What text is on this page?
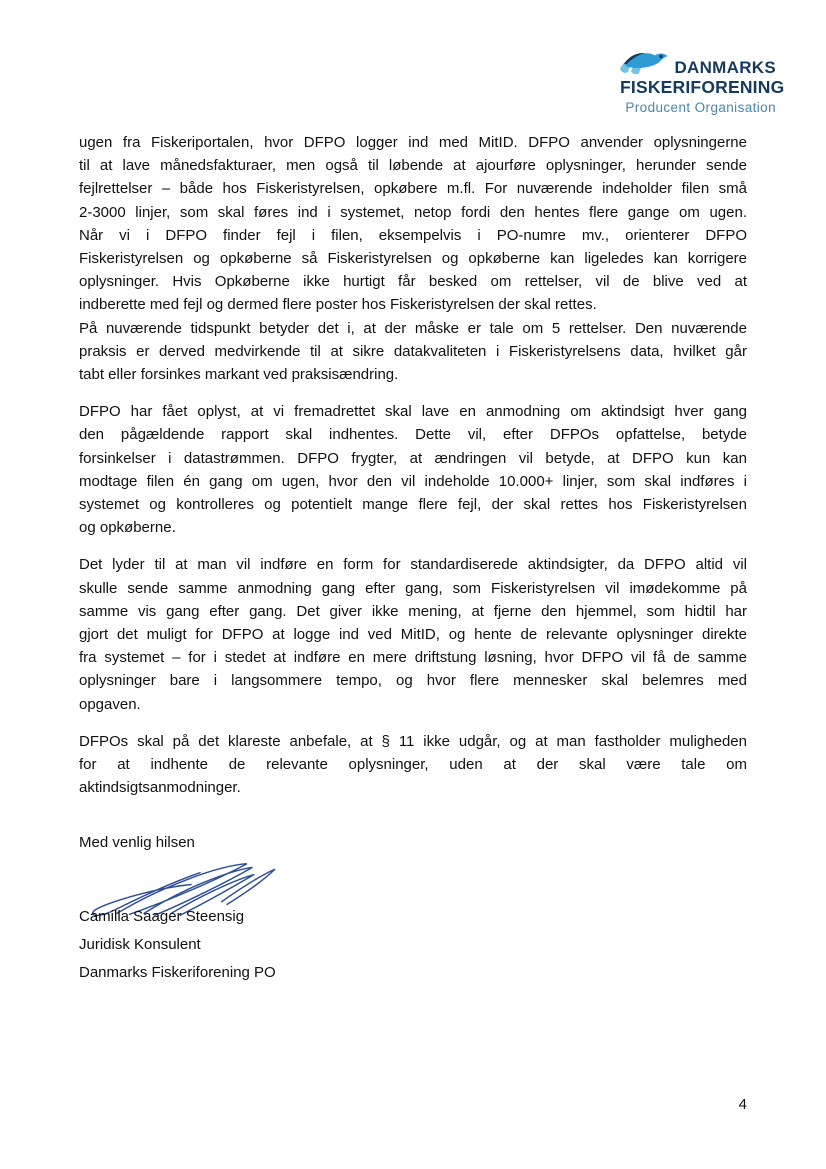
DANMARKS
FISKERIFORENING
Producent Organisation
ugen fra Fiskeriportalen, hvor DFPO logger ind med MitID. DFPO anvender oplysningerne
til at lave månedsfakturaer, men også til løbende at ajourføre oplysninger, herunder sende
fejlrettelser – både hos Fiskeristyrelsen, opkøbere m.fl. For nuværende indeholder filen små
2-3000 linjer, som skal føres ind i systemet, netop fordi den hentes flere gange om ugen.
Når vi i DFPO finder fejl i filen, eksempelvis i PO-numre mv., orienterer DFPO
Fiskeristyrelsen og opkøberne så Fiskeristyrelsen og opkøberne kan ligeledes kan korrigere
oplysninger. Hvis Opkøberne ikke hurtigt får besked om rettelser, vil de blive ved at
indberette med fejl og dermed flere poster hos Fiskeristyrelsen der skal rettes.
På nuværende tidspunkt betyder det i, at der måske er tale om 5 rettelser. Den nuværende
praksis er derved medvirkende til at sikre datakvaliteten i Fiskeristyrelsens data, hvilket går
tabt eller forsinkes markant ved praksisændring.
DFPO har fået oplyst, at vi fremadrettet skal lave en anmodning om aktindsigt hver gang
den pågældende rapport skal indhentes. Dette vil, efter DFPOs opfattelse, betyde
forsinkelser i datastrømmen. DFPO frygter, at ændringen vil betyde, at DFPO kun kan
modtage filen én gang om ugen, hvor den vil indeholde 10.000+ linjer, som skal indføres i
systemet og kontrolleres og potentielt mange flere fejl, der skal rettes hos Fiskeristyrelsen
og opkøberne.
Det lyder til at man vil indføre en form for standardiserede aktindsigter, da DFPO altid vil
skulle sende samme anmodning gang efter gang, som Fiskeristyrelsen vil imødekomme på
samme vis gang efter gang. Det giver ikke mening, at fjerne den hjemmel, som hidtil har
gjort det muligt for DFPO at logge ind ved MitID, og hente de relevante oplysninger direkte
fra systemet – for i stedet at indføre en mere driftstung løsning, hvor DFPO vil få de samme
oplysninger bare i langsommere tempo, og hvor flere mennesker skal belemres med
opgaven.
DFPOs skal på det klareste anbefale, at § 11 ikke udgår, og at man fastholder muligheden
for at indhente de relevante oplysninger, uden at der skal være tale om
aktindsigtsanmodninger.
Med venlig hilsen
Camilla Saager Steensig
Juridisk Konsulent
Danmarks Fiskeriforening PO
4
